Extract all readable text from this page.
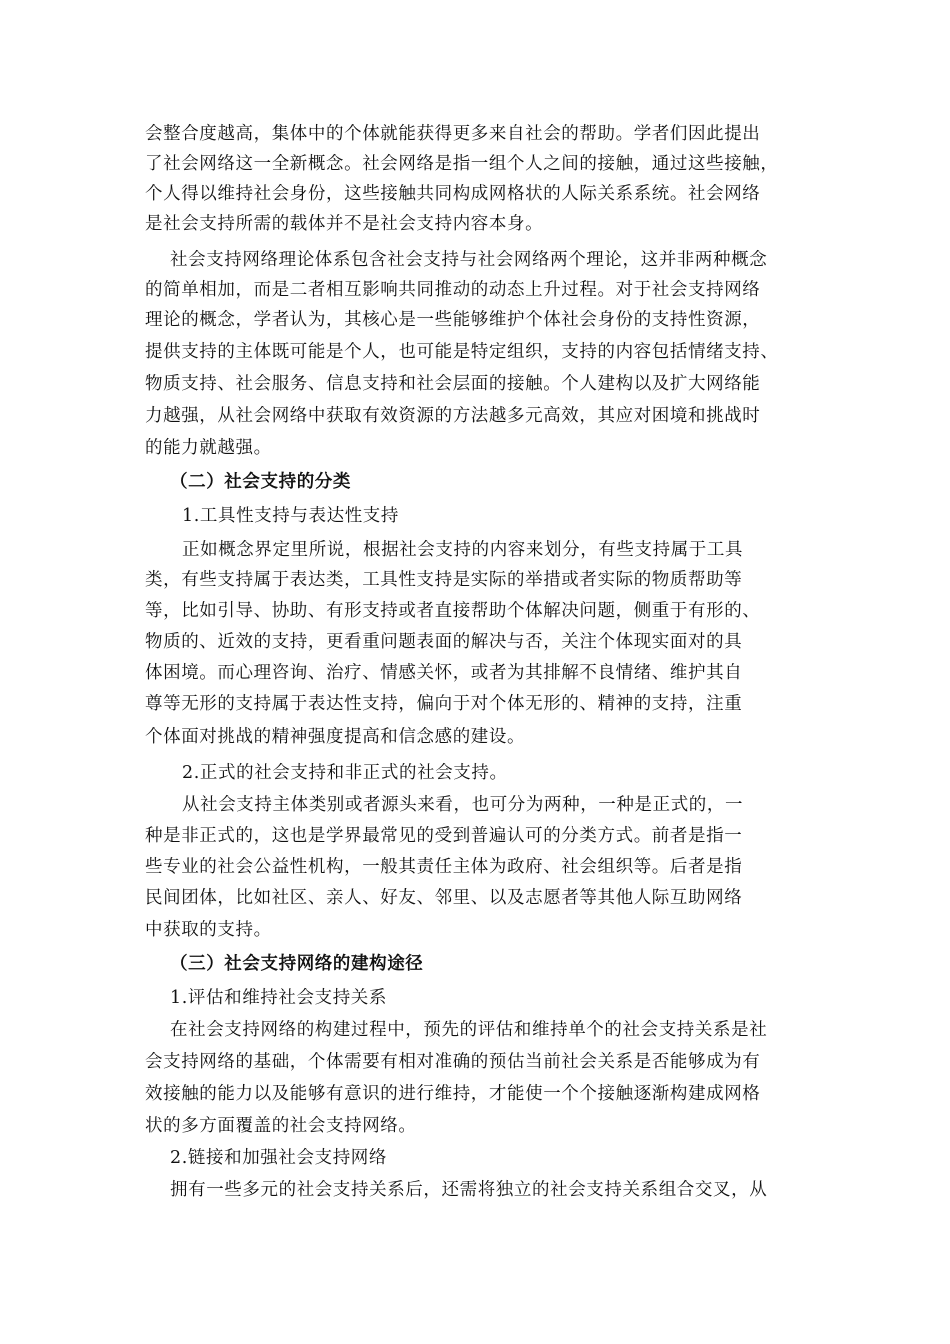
会整合度越高，集体中的个体就能获得更多来自社会的帮助。学者们因此提出
了社会网络这一全新概念。社会网络是指一组个人之间的接触，通过这些接触，
个人得以维持社会身份，这些接触共同构成网格状的人际关系系统。社会网络
是社会支持所需的载体并不是社会支持内容本身。
社会支持网络理论体系包含社会支持与社会网络两个理论，这并非两种概念
的简单相加，而是二者相互影响共同推动的动态上升过程。对于社会支持网络
理论的概念，学者认为，其核心是一些能够维护个体社会身份的支持性资源，
提供支持的主体既可能是个人，也可能是特定组织，支持的内容包括情绪支持、
物质支持、社会服务、信息支持和社会层面的接触。个人建构以及扩大网络能
力越强，从社会网络中获取有效资源的方法越多元高效，其应对困境和挑战时
的能力就越强。
（二）社会支持的分类
1.工具性支持与表达性支持
正如概念界定里所说，根据社会支持的内容来划分，有些支持属于工具
类，有些支持属于表达类，工具性支持是实际的举措或者实际的物质帮助等
等，比如引导、协助、有形支持或者直接帮助个体解决问题，侧重于有形的、
物质的、近效的支持，更看重问题表面的解决与否，关注个体现实面对的具
体困境。而心理咨询、治疗、情感关怀，或者为其排解不良情绪、维护其自
尊等无形的支持属于表达性支持，偏向于对个体无形的、精神的支持，注重
个体面对挑战的精神强度提高和信念感的建设。
2.正式的社会支持和非正式的社会支持。
从社会支持主体类别或者源头来看，也可分为两种，一种是正式的，一
种是非正式的，这也是学界最常见的受到普遍认可的分类方式。前者是指一
些专业的社会公益性机构，一般其责任主体为政府、社会组织等。后者是指
民间团体，比如社区、亲人、好友、邻里、以及志愿者等其他人际互助网络
中获取的支持。
（三）社会支持网络的建构途径
1.评估和维持社会支持关系
在社会支持网络的构建过程中，预先的评估和维持单个的社会支持关系是社
会支持网络的基础，个体需要有相对准确的预估当前社会关系是否能够成为有
效接触的能力以及能够有意识的进行维持，才能使一个个接触逐渐构建成网格
状的多方面覆盖的社会支持网络。
2.链接和加强社会支持网络
拥有一些多元的社会支持关系后，还需将独立的社会支持关系组合交叉，从
